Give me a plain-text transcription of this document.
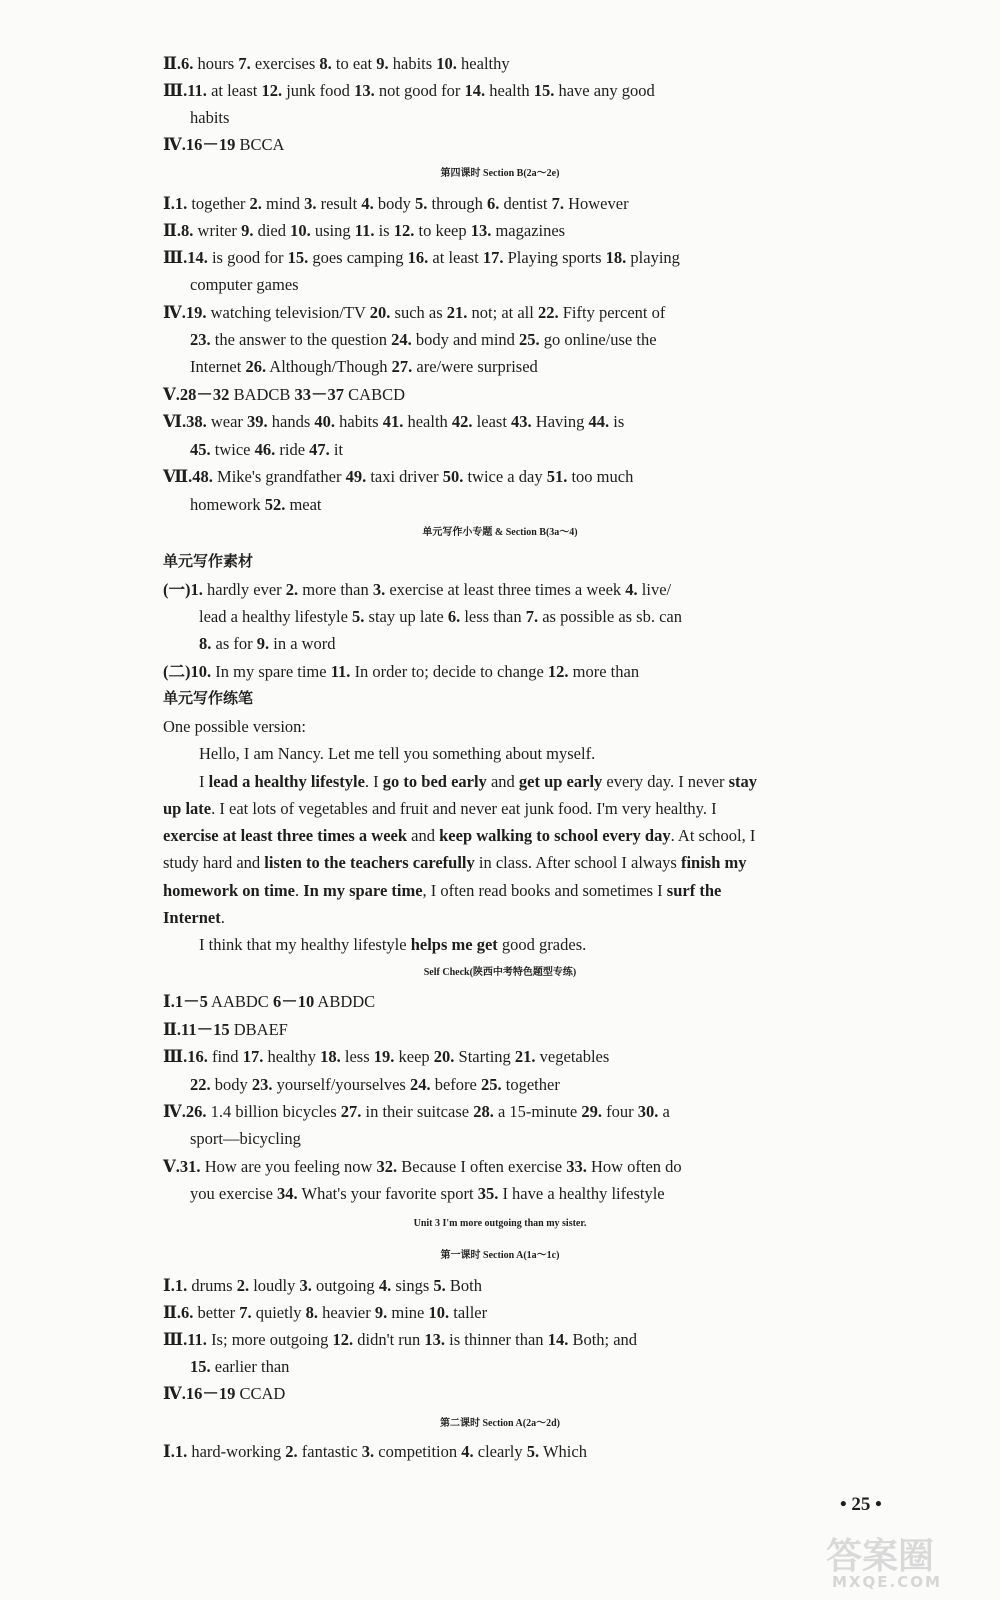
Ⅱ.6. hours 7. exercises 8. to eat 9. habits 10. healthy
Ⅲ.11. at least 12. junk food 13. not good for 14. health 15. have any good
habits
Ⅳ.16－19 BCCA
第四课时 Section B(2a～2e)
Ⅰ.1. together 2. mind 3. result 4. body 5. through 6. dentist 7. However
Ⅱ.8. writer 9. died 10. using 11. is 12. to keep 13. magazines
Ⅲ.14. is good for 15. goes camping 16. at least 17. Playing sports 18. playing
computer games
Ⅳ.19. watching television/TV 20. such as 21. not; at all 22. Fifty percent of
23. the answer to the question 24. body and mind 25. go online/use the
Internet 26. Although/Though 27. are/were surprised
Ⅴ.28－32 BADCB 33－37 CABCD
Ⅵ.38. wear 39. hands 40. habits 41. health 42. least 43. Having 44. is
45. twice 46. ride 47. it
Ⅶ.48. Mike's grandfather 49. taxi driver 50. twice a day 51. too much
homework 52. meat
单元写作小专题 & Section B(3a～4)
单元写作素材
(一)1. hardly ever 2. more than 3. exercise at least three times a week 4. live/
lead a healthy lifestyle 5. stay up late 6. less than 7. as possible as sb. can
8. as for 9. in a word
(二)10. In my spare time 11. In order to; decide to change 12. more than
单元写作练笔
One possible version:
Hello, I am Nancy. Let me tell you something about myself.
I lead a healthy lifestyle. I go to bed early and get up early every day. I never stay
up late. I eat lots of vegetables and fruit and never eat junk food. I'm very healthy. I
exercise at least three times a week and keep walking to school every day. At school, I
study hard and listen to the teachers carefully in class. After school I always finish my
homework on time. In my spare time, I often read books and sometimes I surf the
Internet.
I think that my healthy lifestyle helps me get good grades.
Self Check(陕西中考特色题型专练)
Ⅰ.1－5 AABDC 6－10 ABDDC
Ⅱ.11－15 DBAEF
Ⅲ.16. find 17. healthy 18. less 19. keep 20. Starting 21. vegetables
22. body 23. yourself/yourselves 24. before 25. together
Ⅳ.26. 1.4 billion bicycles 27. in their suitcase 28. a 15-minute 29. four 30. a
sport—bicycling
Ⅴ.31. How are you feeling now 32. Because I often exercise 33. How often do
you exercise 34. What's your favorite sport 35. I have a healthy lifestyle
Unit 3 I'm more outgoing than my sister.
第一课时 Section A(1a～1c)
Ⅰ.1. drums 2. loudly 3. outgoing 4. sings 5. Both
Ⅱ.6. better 7. quietly 8. heavier 9. mine 10. taller
Ⅲ.11. Is; more outgoing 12. didn't run 13. is thinner than 14. Both; and
15. earlier than
Ⅳ.16－19 CCAD
第二课时 Section A(2a～2d)
Ⅰ.1. hard-working 2. fantastic 3. competition 4. clearly 5. Which
• 25 •
答案圈
MXQE.COM
